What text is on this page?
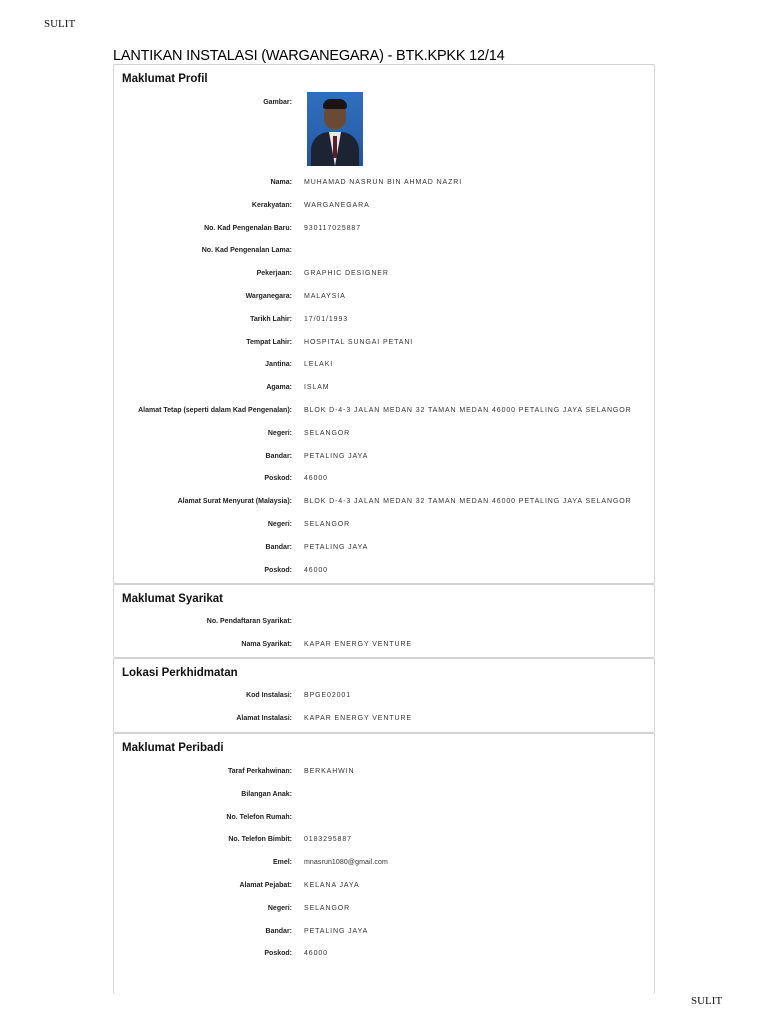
SULIT
LANTIKAN INSTALASI (WARGANEGARA) - BTK.KPKK 12/14
Maklumat Profil
Gambar:
Nama: MUHAMAD NASRUN BIN AHMAD NAZRI
Kerakyatan: WARGANEGARA
No. Kad Pengenalan Baru: 930117025887
No. Kad Pengenalan Lama:
Pekerjaan: GRAPHIC DESIGNER
Warganegara: MALAYSIA
Tarikh Lahir: 17/01/1993
Tempat Lahir: HOSPITAL SUNGAI PETANI
Jantina: LELAKI
Agama: ISLAM
Alamat Tetap (seperti dalam Kad Pengenalan): BLOK D-4-3 JALAN MEDAN 32 TAMAN MEDAN 46000 PETALING JAYA SELANGOR
Negeri: SELANGOR
Bandar: PETALING JAYA
Poskod: 46000
Alamat Surat Menyurat (Malaysia): BLOK D-4-3 JALAN MEDAN 32 TAMAN MEDAN 46000 PETALING JAYA SELANGOR
Negeri: SELANGOR
Bandar: PETALING JAYA
Poskod: 46000
Maklumat Syarikat
No. Pendaftaran Syarikat:
Nama Syarikat: KAPAR ENERGY VENTURE
Lokasi Perkhidmatan
Kod Instalasi: BPGE02001
Alamat Instalasi: KAPAR ENERGY VENTURE
Maklumat Peribadi
Taraf Perkahwinan: BERKAHWIN
Bilangan Anak:
No. Telefon Rumah:
No. Telefon Bimbit: 0183295887
Emel: mnasrun1080@gmail.com
Alamat Pejabat: KELANA JAYA
Negeri: SELANGOR
Bandar: PETALING JAYA
Poskod: 46000
SULIT
